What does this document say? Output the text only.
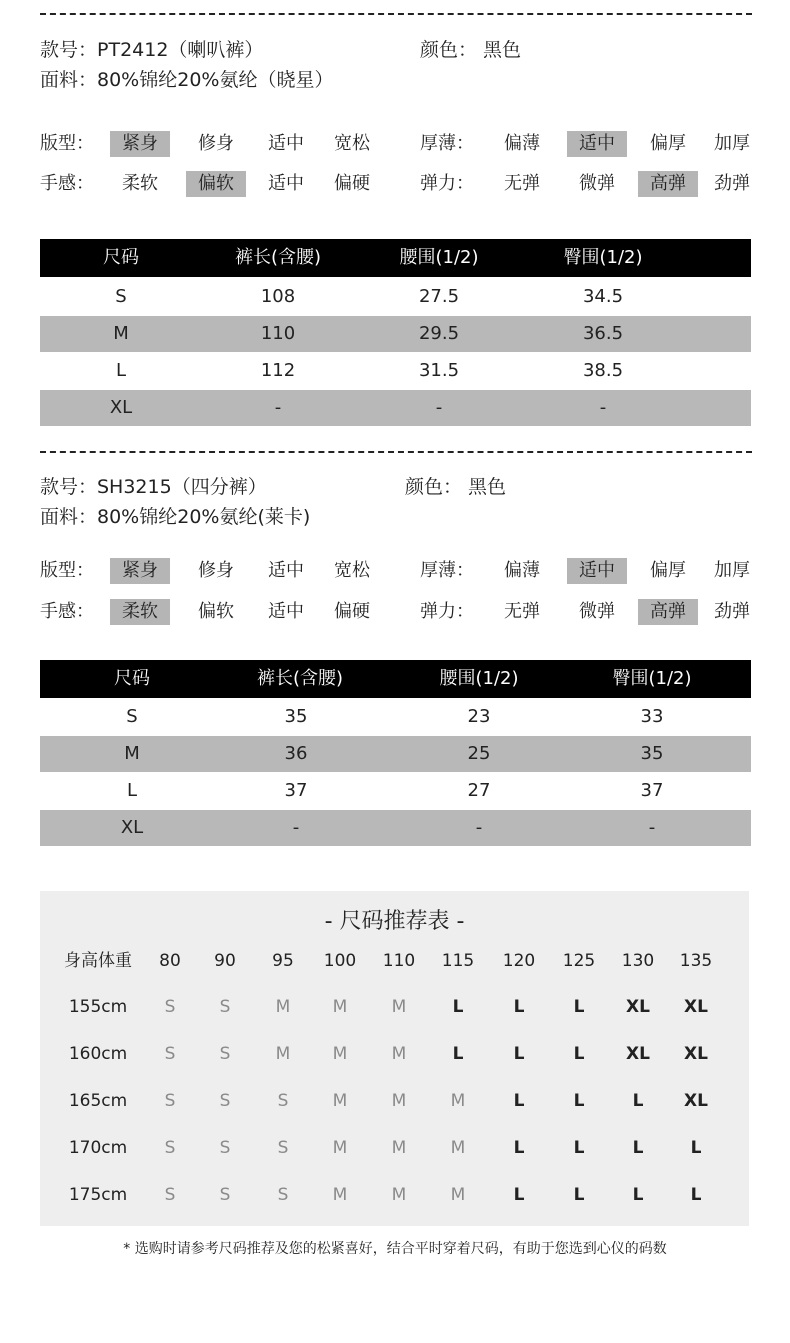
款号：PT2412（喇叭裤）	颜色： 黑色
面料：80%锦纶20%氨纶（晓星）
版型：	紧身	修身	适中	宽松	厚薄：	偏薄	适中	偏厚	加厚
手感：	柔软	偏软	适中	偏硬	弹力：	无弹	微弹	高弹	劲弹
尺码	裤长(含腰)	腰围(1/2)	臀围(1/2)
S	108	27.5	34.5
M	110	29.5	36.5
L	112	31.5	38.5
XL	-	-	-
款号：SH3215（四分裤）	颜色： 黑色
面料：80%锦纶20%氨纶(莱卡)
版型：	紧身	修身	适中	宽松	厚薄：	偏薄	适中	偏厚	加厚
手感：	柔软	偏软	适中	偏硬	弹力：	无弹	微弹	高弹	劲弹
尺码	裤长(含腰)	腰围(1/2)	臀围(1/2)
S	35	23	33
M	36	25	35
L	37	27	37
XL	-	-	-
- 尺码推荐表 -
身高体重	80	90	95	100	110	115	120	125	130	135
155cm	S	S	M	M	M	L	L	L	XL	XL
160cm	S	S	M	M	M	L	L	L	XL	XL
165cm	S	S	S	M	M	M	L	L	L	XL
170cm	S	S	S	M	M	M	L	L	L	L
175cm	S	S	S	M	M	M	L	L	L	L
* 选购时请参考尺码推荐及您的松紧喜好，结合平时穿着尺码，有助于您选到心仪的码数
